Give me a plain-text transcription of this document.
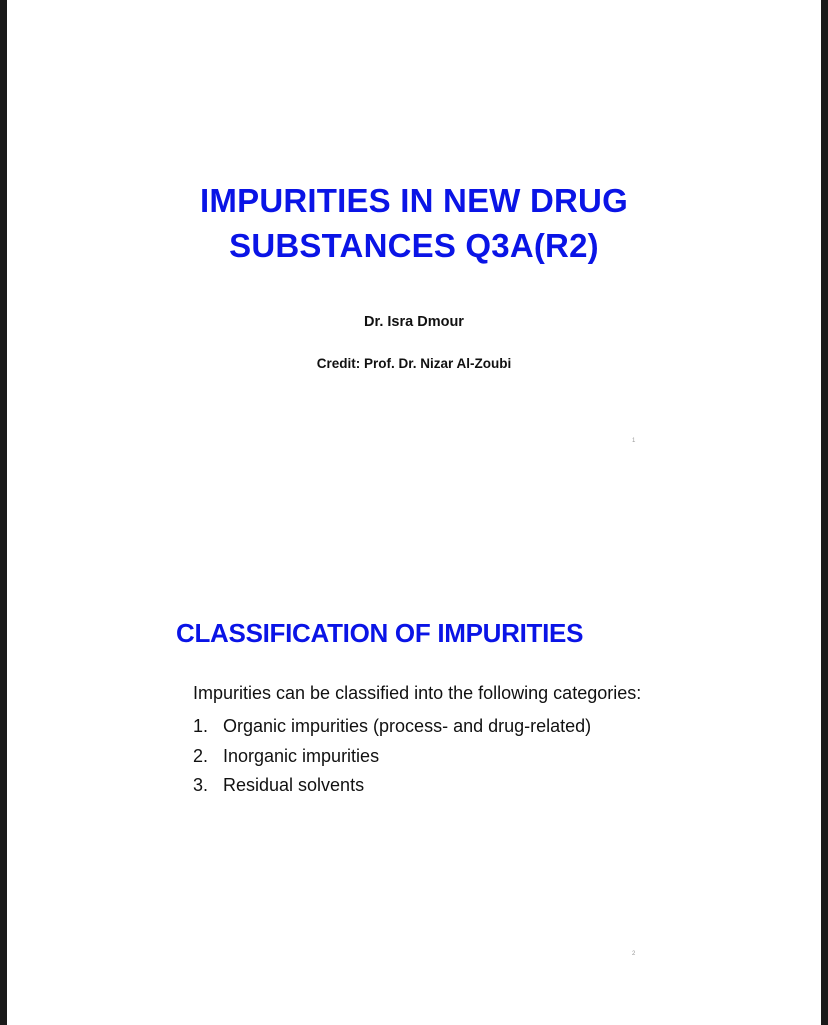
IMPURITIES IN NEW DRUG
SUBSTANCES Q3A(R2)
Dr. Isra Dmour
Credit: Prof. Dr. Nizar Al-Zoubi
1
CLASSIFICATION OF IMPURITIES
Impurities can be classified into the following categories:
1. Organic impurities (process- and drug-related)
2. Inorganic impurities
3. Residual solvents
2
